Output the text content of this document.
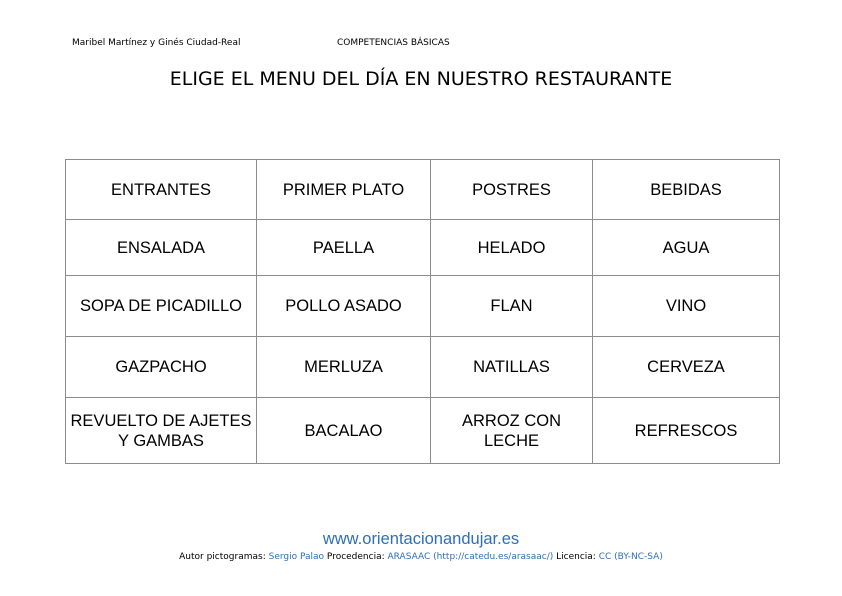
Maribel Martínez y Ginés Ciudad-Real	COMPETENCIAS BÁSICAS
ELIGE EL MENU DEL DÍA EN NUESTRO RESTAURANTE
ENTRANTES	PRIMER PLATO	POSTRES	BEBIDAS
ENSALADA	PAELLA	HELADO	AGUA
SOPA DE PICADILLO	POLLO ASADO	FLAN	VINO
GAZPACHO	MERLUZA	NATILLAS	CERVEZA
REVUELTO DE AJETES Y GAMBAS	BACALAO	ARROZ CON LECHE	REFRESCOS
www.orientacionandujar.es
Autor pictogramas: Sergio Palao Procedencia: ARASAAC (http://catedu.es/arasaac/) Licencia: CC (BY-NC-SA)
